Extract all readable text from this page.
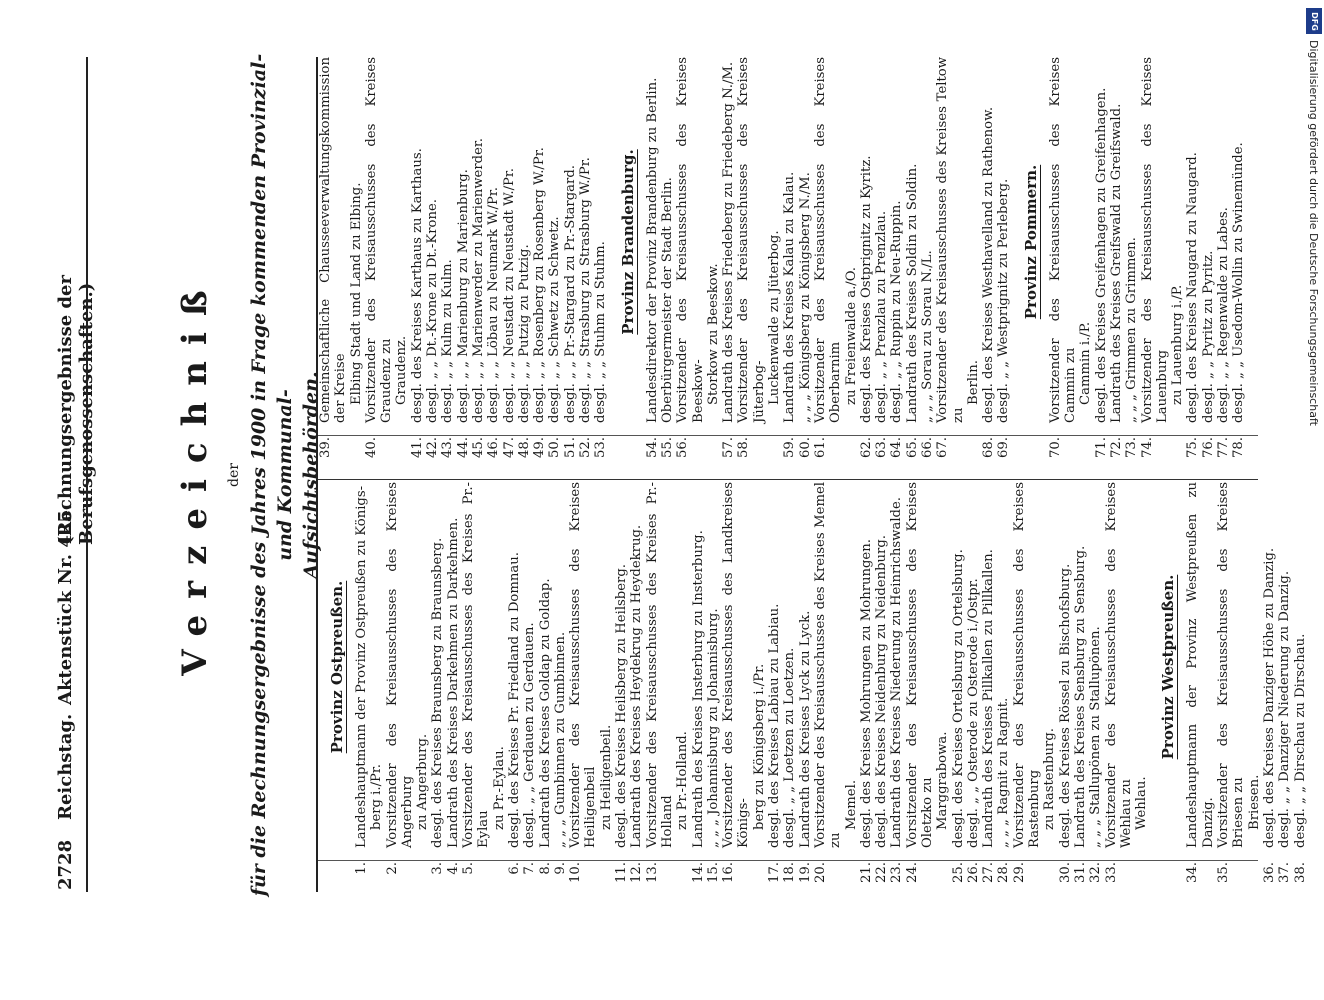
2728
Reichstag.
Aktenstück Nr. 425.
(Rechnungsergebnisse der Berufsgenossenschaften.) Verzeichniß der für die Rechnungsergebnisse des Jahres 1900 in Frage kommenden Provinzial- und Kommunal- Aufsichtsbehörden.
Provinz Ostpreußen.
1.
Landeshauptmann der Provinz Ostpreußen zu Königs- berg i./Pr.
2.
Vorsitzender des Kreisausschusses des Kreises Angerburg zu Angerburg.
3.
desgl. des Kreises Braunsberg zu Braunsberg.
4.
Landrath des Kreises Darkehmen zu Darkehmen.
5.
Vorsitzender des Kreisausschusses des Kreises Pr.-Eylau zu Pr.-Eylau.
6.
desgl. des Kreises Pr. Friedland zu Domnau.
7.
desgl. „ „ Gerdauen zu Gerdauen.
8.
Landrath des Kreises Goldap zu Goldap.
9.
„ „ „ Gumbinnen zu Gumbinnen.
10.
Vorsitzender des Kreisausschusses des Kreises Heiligenbeil zu Heiligenbeil.
11.
desgl. des Kreises Heilsberg zu Heilsberg.
12.
Landrath des Kreises Heydekrug zu Heydekrug.
13.
Vorsitzender des Kreisausschusses des Kreises Pr.-Holland zu Pr.-Holland.
14.
Landrath des Kreises Insterburg zu Insterburg.
15.
„ „ „ Johannisburg zu Johannisburg.
16.
Vorsitzender des Kreisausschusses des Landkreises Königs- berg zu Königsberg i./Pr.
17.
desgl. des Kreises Labiau zu Labiau.
18.
desgl. „ „ Loetzen zu Loetzen.
19.
Landrath des Kreises Lyck zu Lyck.
20.
Vorsitzender des Kreisausschusses des Kreises Memel zu
Memel.
21.
desgl. des Kreises Mohrungen zu Mohrungen.
22.
desgl. des Kreises Neidenburg zu Neidenburg.
23.
Landrath des Kreises Niederung zu Heinrichswalde.
24.
Vorsitzender des Kreisausschusses des Kreises Oletzko zu Marggrabowa.
25.
desgl. des Kreises Ortelsburg zu Ortelsburg.
26.
desgl. „ „ Osterode zu Osterode i./Ostpr.
27.
Landrath des Kreises Pillkallen zu Pillkallen.
28.
„ „ „ Ragnit zu Ragnit.
29.
Vorsitzender des Kreisausschusses des Kreises Rastenburg zu Rastenburg.
30.
desgl. des Kreises Rössel zu Bischofsburg.
31.
Landrath des Kreises Sensburg zu Sensburg.
32.
„ „ „ Stallupönen zu Stallupönen.
33.
Vorsitzender des Kreisausschusses des Kreises Wehlau zu Wehlau.
Provinz Westpreußen.
34.
Landeshauptmann der Provinz Westpreußen zu Danzig.
35.
Vorsitzender des Kreisausschusses des Kreises Briesen zu Briesen.
36.
desgl. des Kreises Danziger Höhe zu Danzig.
37.
desgl. „ „ Danziger Niederung zu Danzig.
38.
desgl. „ „ Dirschau zu Dirschau.
39.
Gemeinschaftliche Chausseeverwaltungskommission der Kreise Elbing Stadt und Land zu Elbing.
40.
Vorsitzender des Kreisausschusses des Kreises Graudenz zu Graudenz.
41.
desgl. des Kreises Karthaus zu Karthaus.
42.
desgl. „ „ Dt.-Krone zu Dt.-Krone.
43.
desgl. „ „ Kulm zu Kulm.
44.
desgl. „ „ Marienburg zu Marienburg.
45.
desgl. „ „ Marienwerder zu Marienwerder.
46.
desgl. „ „ Löbau zu Neumark W./Pr.
47.
desgl. „ „ Neustadt zu Neustadt W./Pr.
48.
desgl. „ „ Putzig zu Putzig.
49.
desgl. „ „ Rosenberg zu Rosenberg W./Pr.
50.
desgl. „ „ Schwetz zu Schwetz.
51.
desgl. „ „ Pr.-Stargard zu Pr.-Stargard.
52.
desgl. „ „ Strasburg zu Strasburg W./Pr.
53.
desgl. „ „ Stuhm zu Stuhm. Provinz Brandenburg.
54.
Landesdirektor der Provinz Brandenburg zu Berlin.
55.
Oberbürgermeister der Stadt Berlin.
56.
Vorsitzender des Kreisausschusses des Kreises Beeskow- Storkow zu Beeskow.
57.
Landrath des Kreises Friedeberg zu Friedeberg N./M.
58.
Vorsitzender des Kreisausschusses des Kreises Jüterbog- Luckenwalde zu Jüterbog.
59.
Landrath des Kreises Kalau zu Kalau.
60.
„ „ „ Königsberg zu Königsberg N./M.
61.
Vorsitzender des Kreisausschusses des Kreises Oberbarnim zu Freienwalde a./O.
62.
desgl. des Kreises Ostprignitz zu Kyritz.
63.
desgl. „ „ Prenzlau zu Prenzlau.
64.
desgl. „ „ Ruppin zu Neu-Ruppin.
65.
Landrath des Kreises Soldin zu Soldin.
66.
„ „ „ Sorau zu Sorau N./L.
67.
Vorsitzender des Kreisausschusses des Kreises Teltow zu
Berlin.
68.
desgl. des Kreises Westhavelland zu Rathenow.
69.
desgl. „ „ Westprignitz zu Perleberg. Provinz Pommern.
70.
Vorsitzender des Kreisausschusses des Kreises Cammin zu Cammin i./P.
71.
desgl. des Kreises Greifenhagen zu Greifenhagen.
72.
Landrath des Kreises Greifswald zu Greifswald.
73.
„ „ „ Grimmen zu Grimmen.
74.
Vorsitzender des Kreisausschusses des Kreises Lauenburg zu Lauenburg i./P.
75.
desgl. des Kreises Naugard zu Naugard.
76.
desgl. „ „ Pyritz zu Pyritz.
77.
desgl. „ „ Regenwalde zu Labes.
78.
desgl. „ „ Usedom-Wollin zu Swinemünde.
DFG
Digitalisierung gefördert durch die Deutsche Forschungsgemeinschaft
